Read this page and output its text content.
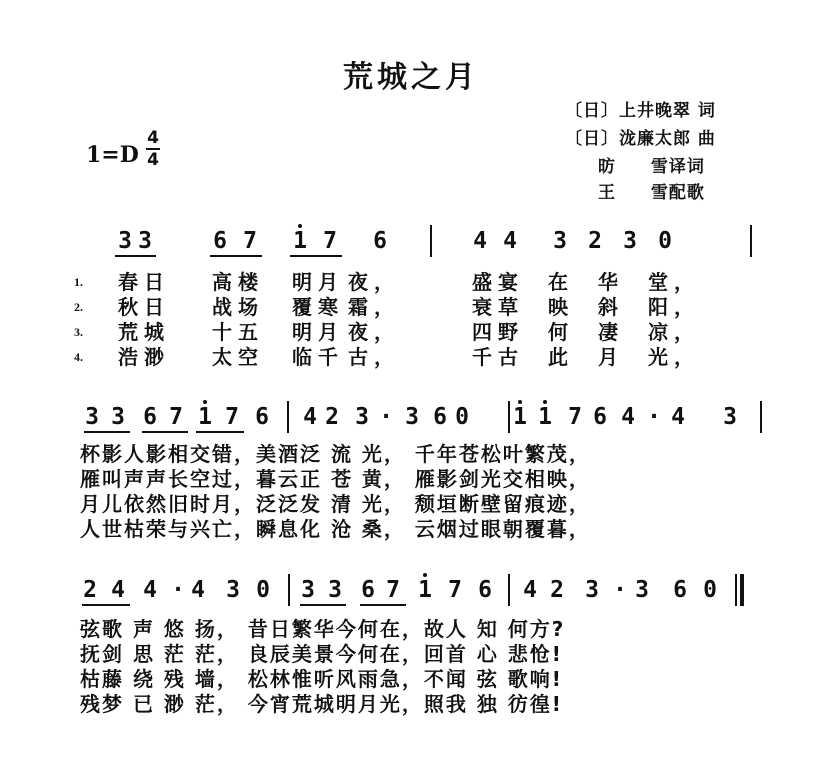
荒城之月
〔日〕上井晚翠 词
〔日〕泷廉太郎 曲
昉 雪译词
王 雪配歌
1=D
4
4
3 3	6 7 1 7 6	4 4 3 2 3 0
1. 春日 高楼 明月 夜，	盛宴 在 华 堂，
2. 秋日 战场 覆寒 霜，	衰草 映 斜 阳，
3. 荒城 十五 明月 夜，	四野 何 凄 凉，
4. 浩渺 太空 临千 古，	千古 此 月 光，
3 3 6 7 1 7 6 4 2 3 · 3 6 0 1 1 7 6 4 · 4 3
杯影人影相交错，美酒泛 流 光， 千年苍松叶繁茂，
雁叫声声长空过，暮云正 苍 黄， 雁影剑光交相映，
月儿依然旧时月，泛泛发 清 光， 颓垣断壁留痕迹，
人世枯荣与兴亡，瞬息化 沧 桑， 云烟过眼朝覆暮，
2 4 4 · 4 3 0 3 3 6 7 1 7 6 4 2 3 · 3 6 0
弦歌 声 悠 扬， 昔日繁华今何在，故人 知 何方?
抚剑 思 茫 茫， 良辰美景今何在，回首 心 悲怆!
枯藤 绕 残 墙， 松林惟听风雨急，不闻 弦 歌响!
残梦 已 渺 茫， 今宵荒城明月光，照我 独 彷徨!
